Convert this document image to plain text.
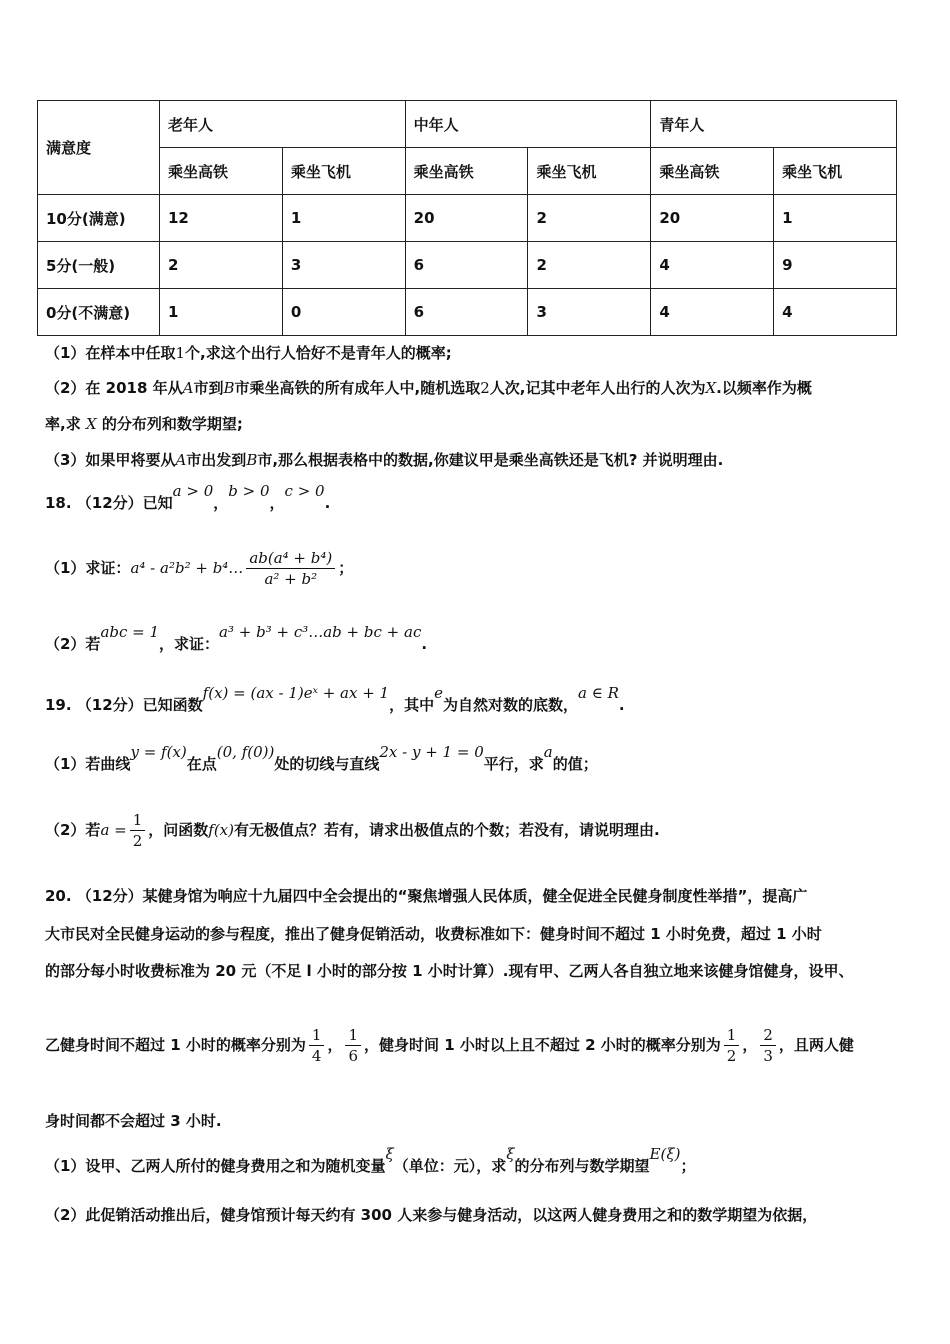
满意度	老年人		中年人		青年人	
	乘坐高铁	乘坐飞机	乘坐高铁	乘坐飞机	乘坐高铁	乘坐飞机
10分(满意)	12	1	20	2	20	1
5分(一般)	2	3	6	2	4	9
0分(不满意)	1	0	6	3	4	4
（1）在样本中任取1个,求这个出行人恰好不是青年人的概率;
（2）在 2018 年从A市到B市乘坐高铁的所有成年人中,随机选取2人次,记其中老年人出行的人次为X.以频率作为概
率,求 X 的分布列和数学期望;
（3）如果甲将要从A市出发到B市,那么根据表格中的数据,你建议甲是乘坐高铁还是飞机? 并说明理由.
18. （12分）已知a > 0，b > 0，c > 0.
（1）求证：a⁴ - a²b² + b⁴… $\frac{\text{ab(a⁴ + b⁴)}}{\text{a² + b²}}$ ；
（2）若abc = 1，求证：a³ + b³ + c³…ab + bc + ac.
19. （12分）已知函数f(x) = (ax - 1)eˣ + ax + 1，其中e为自然对数的底数，a ∈ R.
（1）若曲线y = f(x)在点(0, f(0))处的切线与直线2x - y + 1 = 0平行，求a的值；
（2）若$a = \frac{1}{2}$ ，问函数f(x)有无极值点？若有，请求出极值点的个数；若没有，请说明理由.
20. （12分）某健身馆为响应十九届四中全会提出的“聚焦增强人民体质，健全促进全民健身制度性举措”，提高广
大市民对全民健身运动的参与程度，推出了健身促销活动，收费标准如下：健身时间不超过 1 小时免费，超过 1 小时
的部分每小时收费标准为 20 元（不足 l 小时的部分按 1 小时计算）.现有甲、乙两人各自独立地来该健身馆健身，设甲、
乙健身时间不超过 1 小时的概率分别为 $\frac{1}{4}$ ， $\frac{1}{6}$ ，健身时间 1 小时以上且不超过 2 小时的概率分别为 $\frac{1}{2}$ ， $\frac{2}{3}$ ，且两人健
身时间都不会超过 3 小时.
（1）设甲、乙两人所付的健身费用之和为随机变量ξ（单位：元），求ξ的分布列与数学期望E(ξ)；
（2）此促销活动推出后，健身馆预计每天约有 300 人来参与健身活动，以这两人健身费用之和的数学期望为依据，
